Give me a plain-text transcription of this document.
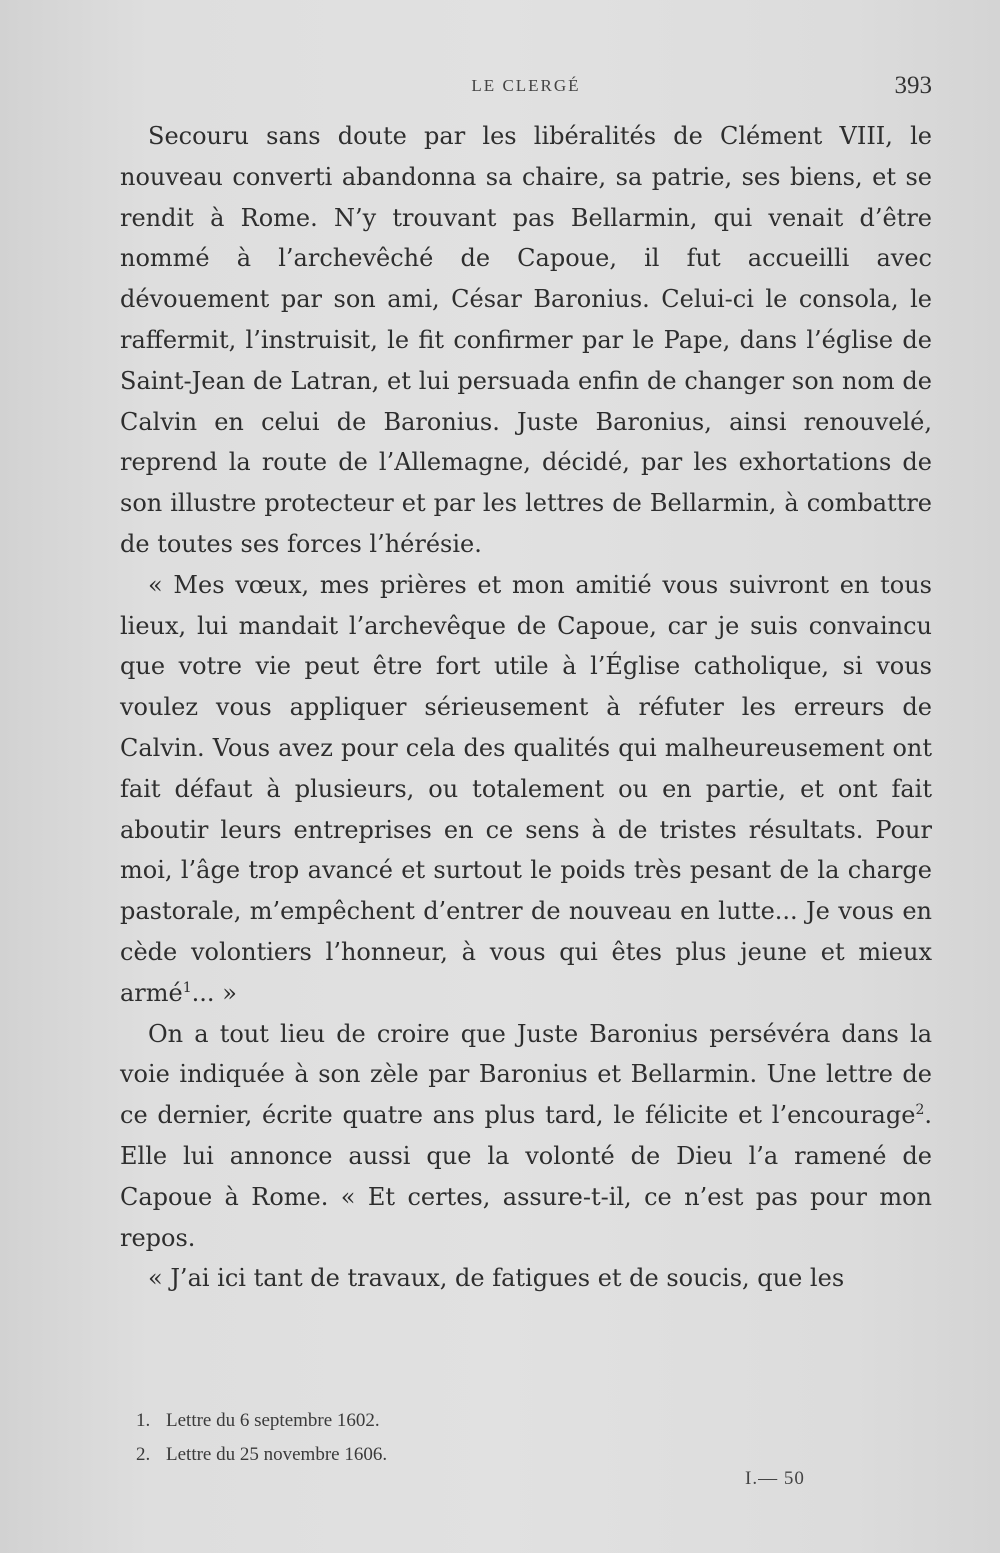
LE CLERGÉ	393

Secouru sans doute par les libéralités de Clément VIII, le nouveau converti abandonna sa chaire, sa patrie, ses biens, et se rendit à Rome. N’y trouvant pas Bellarmin, qui venait d’être nommé à l’archevêché de Capoue, il fut accueilli avec dévouement par son ami, César Baronius. Celui-ci le consola, le raffermit, l’instruisit, le fit confirmer par le Pape, dans l’église de Saint-Jean de Latran, et lui persuada enfin de changer son nom de Calvin en celui de Baronius. Juste Baronius, ainsi renouvelé, reprend la route de l’Allemagne, décidé, par les exhortations de son illustre protecteur et par les lettres de Bellarmin, à combattre de toutes ses forces l’hérésie.

« Mes vœux, mes prières et mon amitié vous suivront en tous lieux, lui mandait l’archevêque de Capoue, car je suis convaincu que votre vie peut être fort utile à l’Église catholique, si vous voulez vous appliquer sérieusement à réfuter les erreurs de Calvin. Vous avez pour cela des qualités qui malheureusement ont fait défaut à plusieurs, ou totalement ou en partie, et ont fait aboutir leurs entreprises en ce sens à de tristes résultats. Pour moi, l’âge trop avancé et surtout le poids très pesant de la charge pastorale, m’empêchent d’entrer de nouveau en lutte... Je vous en cède volontiers l’honneur, à vous qui êtes plus jeune et mieux armé$^1$... »

On a tout lieu de croire que Juste Baronius persévéra dans la voie indiquée à son zèle par Baronius et Bellarmin. Une lettre de ce dernier, écrite quatre ans plus tard, le félicite et l’encourage$^2$. Elle lui annonce aussi que la volonté de Dieu l’a ramené de Capoue à Rome. « Et certes, assure-t-il, ce n’est pas pour mon repos.

« J’ai ici tant de travaux, de fatigues et de soucis, que les

1. Lettre du 6 septembre 1602.
2. Lettre du 25 novembre 1606.
I.— 50
